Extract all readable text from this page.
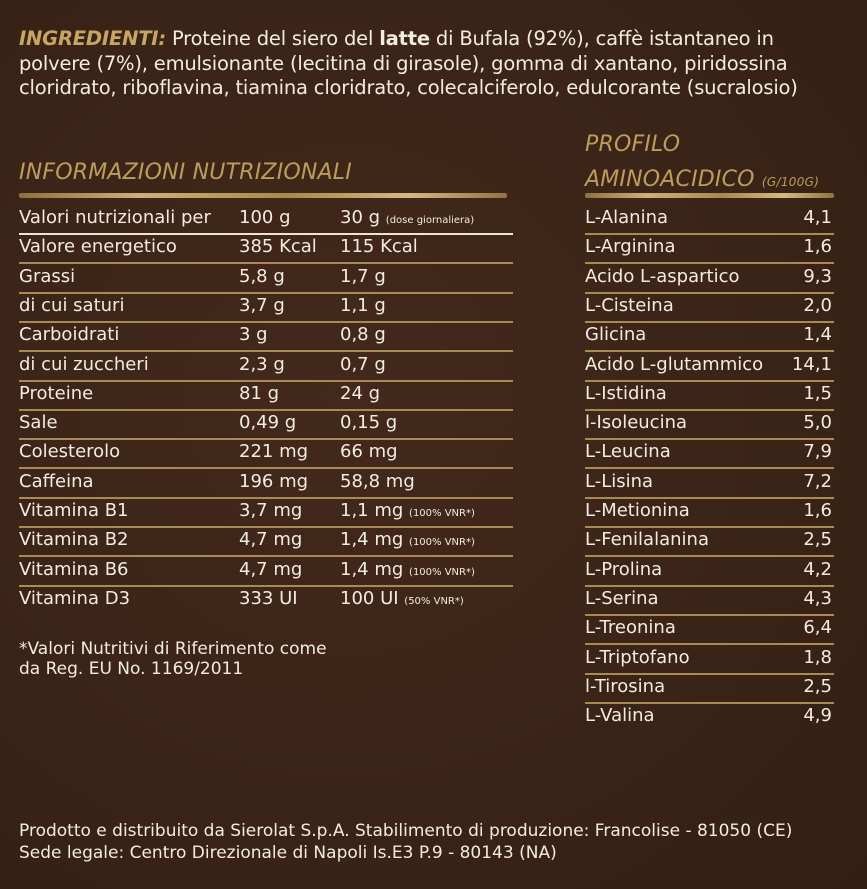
INGREDIENTI: Proteine del siero del latte di Bufala (92%), caffè istantaneo in polvere (7%), emulsionante (lecitina di girasole), gomma di xantano, piridossina cloridrato, riboflavina, tiamina cloridrato, colecalciferolo, edulcorante (sucralosio)
INFORMAZIONI NUTRIZIONALI
PROFILO
AMINOACIDICO (G/100G)
Valori nutrizionali per 100 g	30 g (dose giornaliera)
Valore energetico	385 Kcal 115 Kcal
Grassi	5,8 g	1,7 g
di cui saturi	3,7 g	1,1 g
Carboidrati	3 g	0,8 g
di cui zuccheri	2,3 g	0,7 g
Proteine	81 g	24 g
Sale	0,49 g 0,15 g
Colesterolo	221 mg 66 mg
Caffeina	196 mg 58,8 mg
Vitamina B1	3,7 mg 1,1 mg (100% VNR*)
Vitamina B2	4,7 mg 1,4 mg (100% VNR*)
Vitamina B6	4,7 mg 1,4 mg (100% VNR*)
Vitamina D3	333 UI 100 UI (50% VNR*)
L-Alanina	4,1
L-Arginina	1,6
Acido L-aspartico	9,3
L-Cisteina	2,0
Glicina	1,4
Acido L-glutammico 14,1
L-Istidina	1,5
l-Isoleucina	5,0
L-Leucina	7,9
L-Lisina	7,2
L-Metionina	1,6
L-Fenilalanina	2,5
L-Prolina	4,2
L-Serina	4,3
L-Treonina	6,4
L-Triptofano	1,8
l-Tirosina	2,5
L-Valina	4,9
*Valori Nutritivi di Riferimento come
da Reg. EU No. 1169/2011
Prodotto e distribuito da Sierolat S.p.A. Stabilimento di produzione: Francolise - 81050 (CE)
Sede legale: Centro Direzionale di Napoli Is.E3 P.9 - 80143 (NA)
